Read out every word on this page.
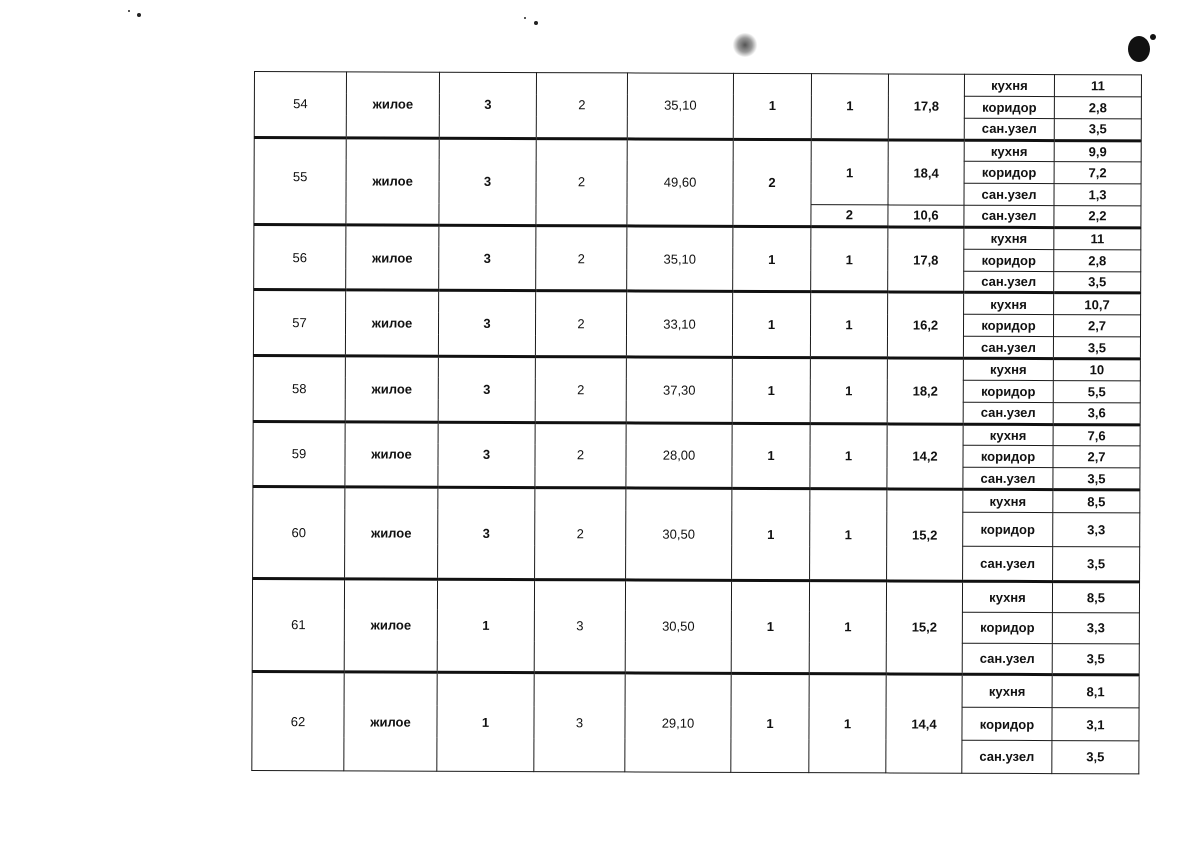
54	жилое	3	2	35,10	1	1	17,8	кухня	11
								коридор	2,8
								сан.узел	3,5
55	жилое	3	2	49,60	2	1	18,4	кухня	9,9
								коридор	7,2
								сан.узел	1,3
						2	10,6	сан.узел	2,2
56	жилое	3	2	35,10	1	1	17,8	кухня	11
								коридор	2,8
								сан.узел	3,5
57	жилое	3	2	33,10	1	1	16,2	кухня	10,7
								коридор	2,7
								сан.узел	3,5
58	жилое	3	2	37,30	1	1	18,2	кухня	10
								коридор	5,5
								сан.узел	3,6
59	жилое	3	2	28,00	1	1	14,2	кухня	7,6
								коридор	2,7
								сан.узел	3,5
60	жилое	3	2	30,50	1	1	15,2	кухня	8,5
								коридор	3,3
								сан.узел	3,5
61	жилое	1	3	30,50	1	1	15,2	кухня	8,5
								коридор	3,3
								сан.узел	3,5
62	жилое	1	3	29,10	1	1	14,4	кухня	8,1
								коридор	3,1
								сан.узел	3,5
